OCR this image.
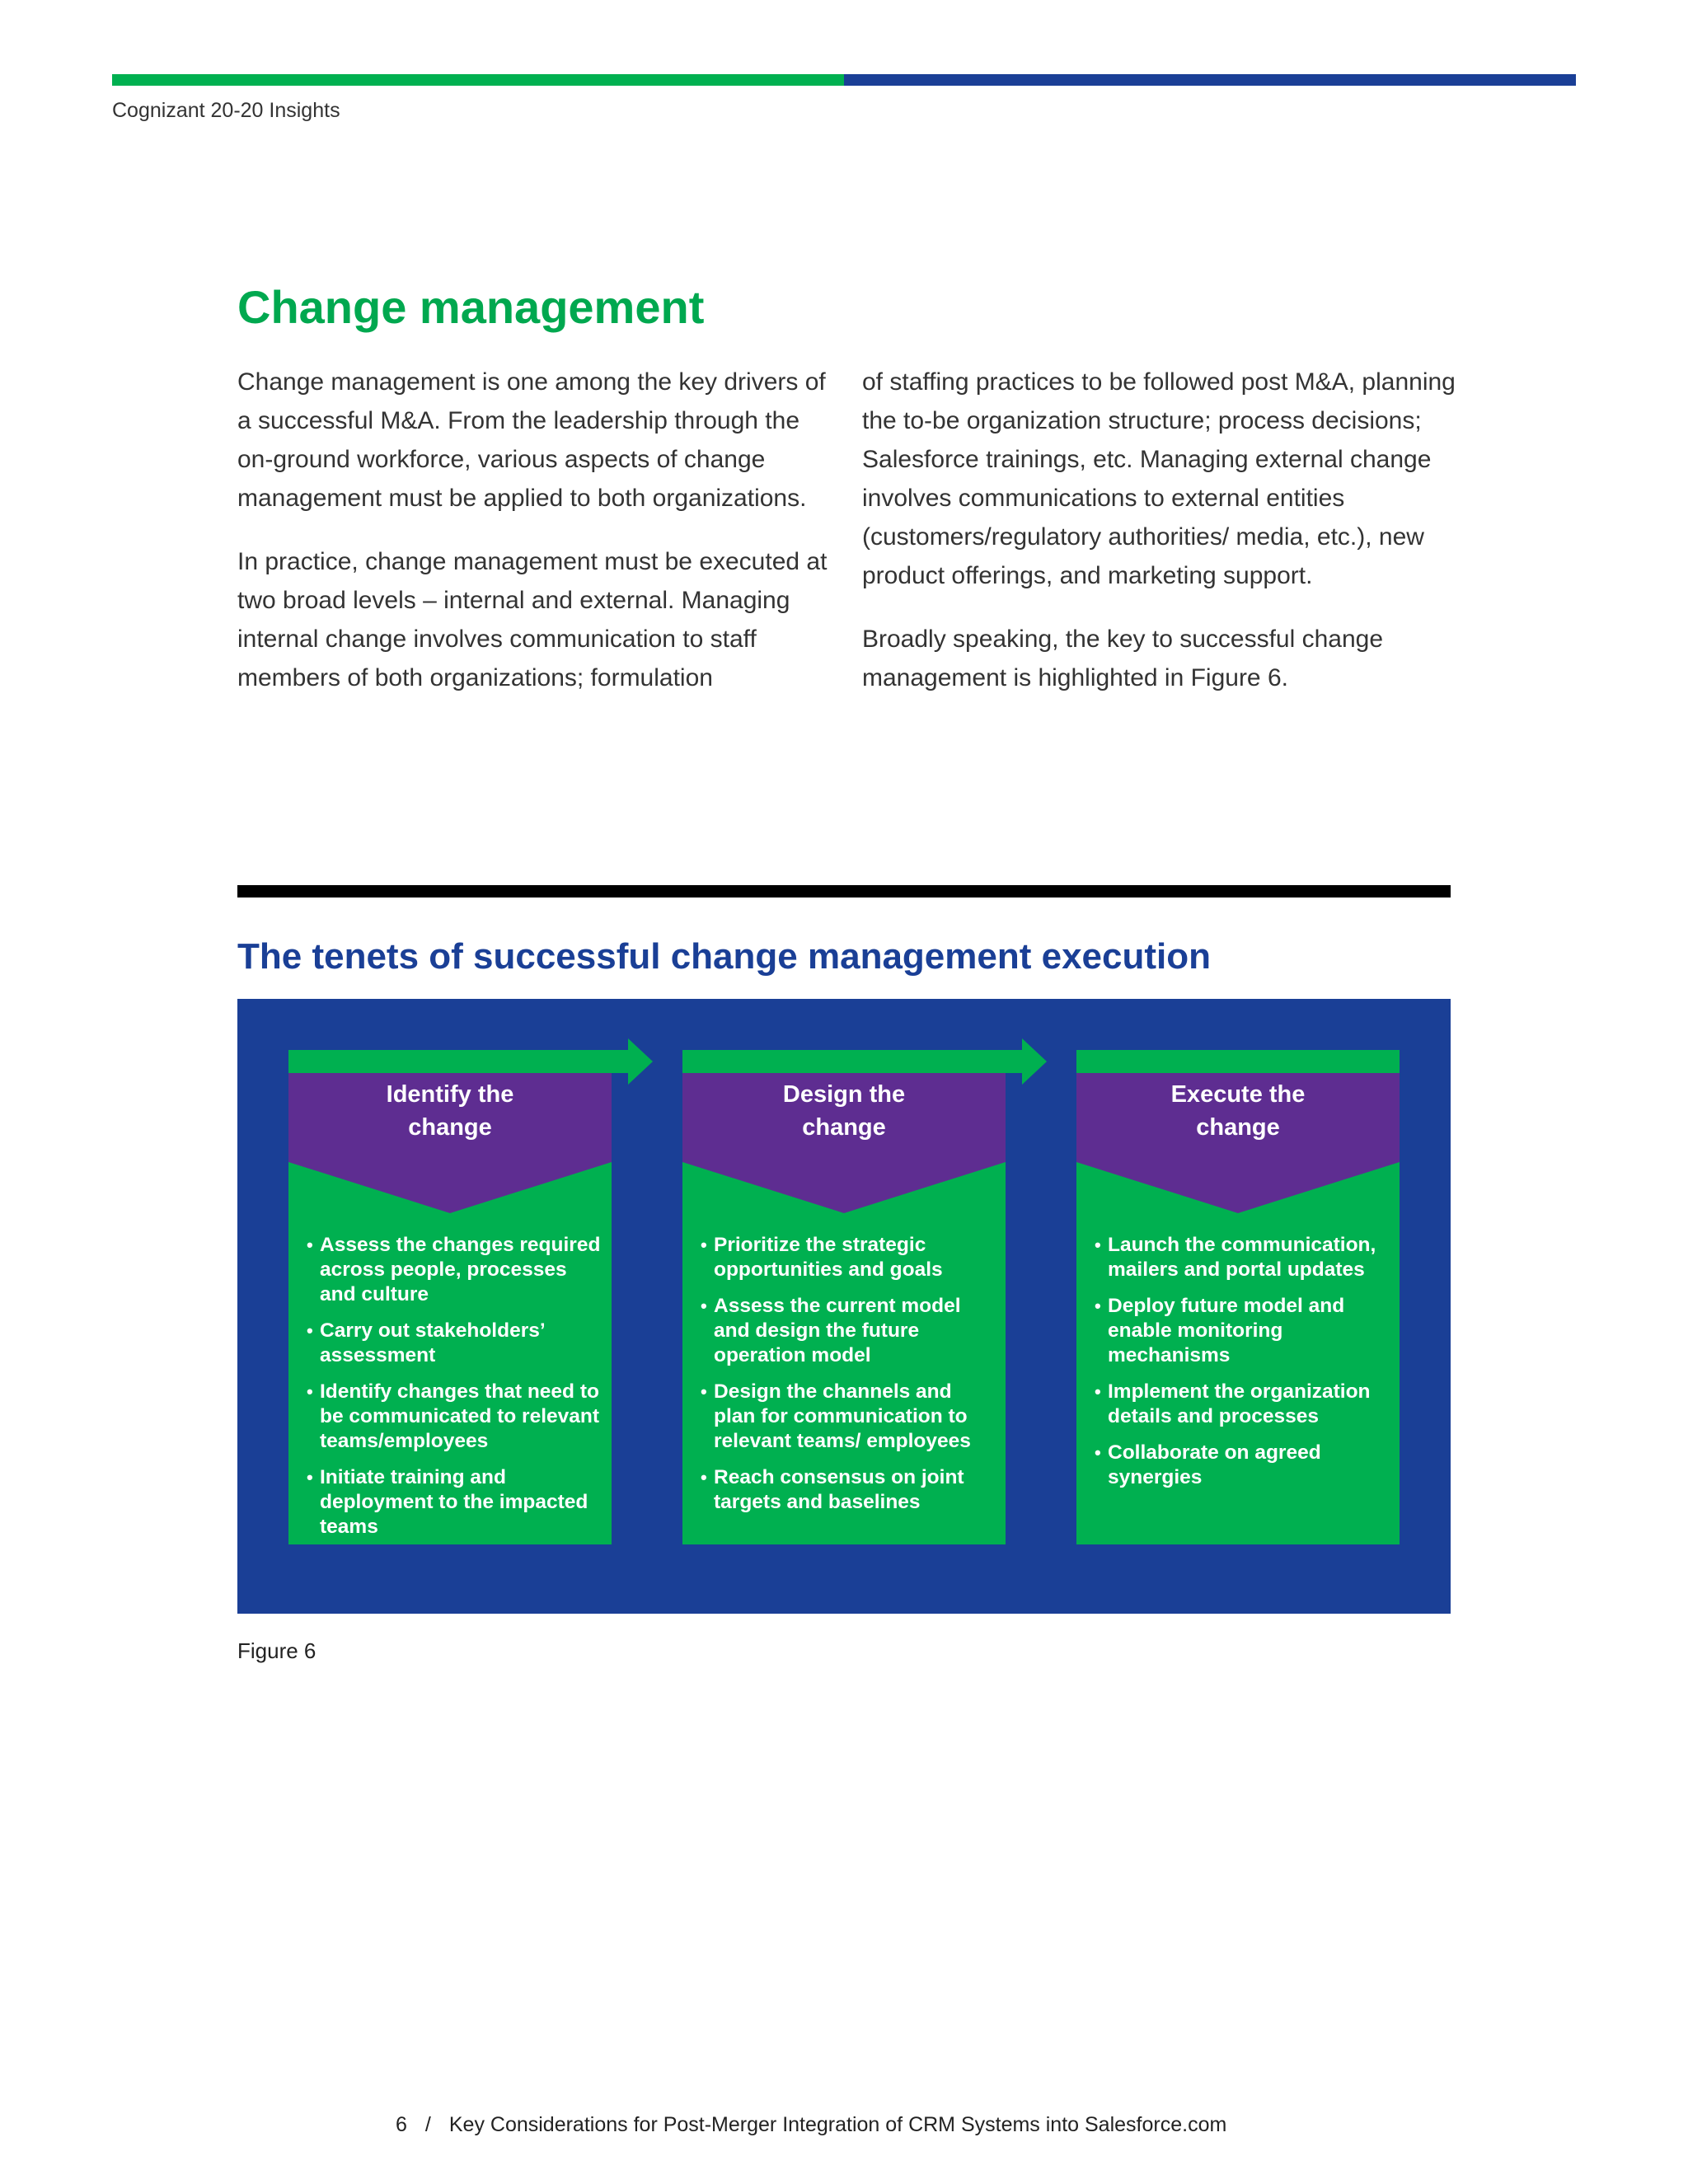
Cognizant 20-20 Insights
Change management

Change management is one among the key drivers of a successful M&A. From the leadership through the on-ground workforce, various aspects of change management must be applied to both organizations.

In practice, change management must be executed at two broad levels – internal and external. Managing internal change involves communication to staff members of both organizations; formulation

of staffing practices to be followed post M&A, planning the to-be organization structure; process decisions; Salesforce trainings, etc. Managing external change involves communications to external entities (customers/regulatory authorities/ media, etc.), new product offerings, and marketing support.

Broadly speaking, the key to successful change management is highlighted in Figure 6.

The tenets of successful change management execution
Identify the
change
• Assess the changes required across people, processes and culture
• Carry out stakeholders’ assessment
• Identify changes that need to be communicated to relevant teams/employees
• Initiate training and deployment to the impacted teams
Design the
change
• Prioritize the strategic opportunities and goals
• Assess the current model and design the future operation model
• Design the channels and plan for communication to relevant teams/ employees
• Reach consensus on joint targets and baselines
Execute the
change
• Launch the communication, mailers and portal updates
• Deploy future model and enable monitoring mechanisms
• Implement the organization details and processes
• Collaborate on agreed synergies
Figure 6
6 / Key Considerations for Post-Merger Integration of CRM Systems into Salesforce.com
